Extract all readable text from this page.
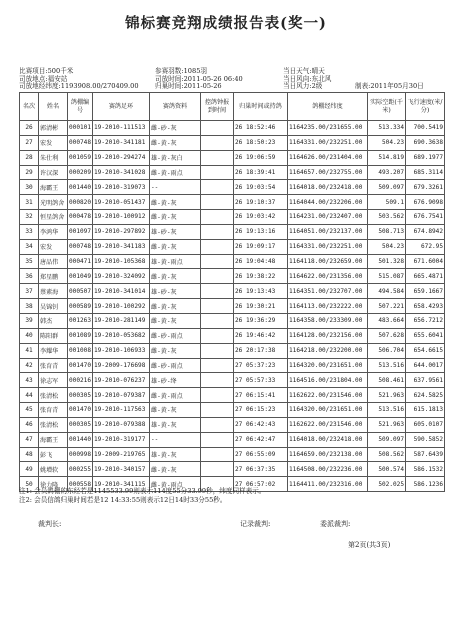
锦标赛竞翔成绩报告表(奖一)
比赛项目:500千米	参赛羽数:1085羽	当日天气:晴天
司放地点:福安站	司放时间:2011-05-26 06:40	当日风向:东北风
名次	姓名	鸽棚编号	赛鸽足环	赛鸽资料	控鸽钟报到时间	归巢时间或持鸽	鸽棚经纬度	实际空距(千米)	飞行速度(米/分)
26	郭清彬	000101	19-2010-111513	雌-砂-灰		26 18:52:46	1164235.00/231655.00	513.334	700.5419
27	宏发	000748	19-2010-341181	雌-黄-灰		26 18:50:23	1164331.00/232251.00	504.23	690.3638
28	朱仕利	001059	19-2010-294274	雄-黄-灰白		26 19:06:59	1164626.00/231404.00	514.819	689.1977
29	许汉深	000209	19-2010-341028	雌-黄-雨点		26 18:39:41	1164657.00/232755.00	493.207	685.3114
30	海霸王	001440	19-2010-319073	--		26 19:03:54	1164018.00/232418.00	509.097	679.3261
31	光明鸽舍	000820	19-2010-051437	雌-黄-灰		26 19:10:37	1164044.00/232206.00	509.1	676.9098
32	恒星鸽舍	000478	19-2010-100912	雌-黄-灰		26 19:03:42	1164231.00/232407.00	503.562	676.7541
33	李鸿华	001097	19-2010-297892	雄-砂-灰		26 19:13:16	1164051.00/232137.00	508.713	674.8942
34	宏发	000748	19-2010-341183	雌-黄-灰		26 19:09:17	1164331.00/232251.00	504.23	672.95
35	唐品伟	000471	19-2010-105368	雄-黄-雨点		26 19:04:48	1164118.00/232659.00	501.328	671.6004
36	郑星鹏	001049	19-2010-324092	雌-黄-灰		26 19:38:22	1164622.00/231356.00	515.087	665.4871
37	蔡素海	000507	19-2010-341014	雄-砂-灰		26 19:13:43	1164351.00/232707.00	494.584	659.1667
38	吴锦钊	000589	19-2010-100292	雌-黄-灰		26 19:30:21	1164113.00/232222.00	507.221	658.4293
39	韩杰	001263	19-2010-281149	雌-黄-灰		26 19:36:29	1164358.00/233309.00	483.664	656.7212
40	陈阳群	001089	19-2010-053682	雌-砂-雨点		26 19:46:42	1164128.00/232156.00	507.628	655.6041
41	李耀华	001008	19-2010-106933	雌-黄-灰		26 20:17:38	1164218.00/232200.00	506.704	654.6615
42	张育青	001470	19-2009-176698	雌-砂-雨点		27 05:37:23	1164320.00/231651.00	513.516	644.0017
43	徐志军	000216	19-2010-076237	雄-砂-绛		27 05:57:33	1164516.00/231804.00	508.461	637.9561
44	张清松	000305	19-2010-079387	雌-黄-雨点		27 06:15:41	1162622.00/231546.00	521.963	624.5825
45	张育青	001470	19-2010-117563	雌-黄-灰		27 06:15:23	1164320.00/231651.00	513.516	615.1813
46	张清松	000305	19-2010-079388	雄-黄-灰		27 06:42:43	1162622.00/231546.00	521.963	605.0107
47	海霸王	001440	19-2010-319177	--		27 06:42:47	1164018.00/232418.00	509.097	590.5852
48	彭飞	000998	19-2009-219765	雄-黄-灰		27 06:55:09	1164659.00/232138.00	508.562	587.6439
49	姚增软	000255	19-2010-340157	雌-黄-灰		27 06:37:35	1164508.00/232236.00	500.574	586.1532
50	徐力隆	000558	19-2010-341115	雌-黄-雨点		27 06:57:02	1164411.00/232316.00	502.025	586.1236
注1: 会员鸽棚的东经若是1145533.99则表示114度55分33.99秒，纬度同样表示。
注2: 会员信鸽归巢时间若是12 14:33:55则表示12日14时33分55秒。
裁判长:	记录裁判:	委派裁判:
第2页(共3页)
司放地经纬度:1193908.00/270409.00 归巢时间:2011-05-26	当日风力:2级	制表:2011年05月30日
